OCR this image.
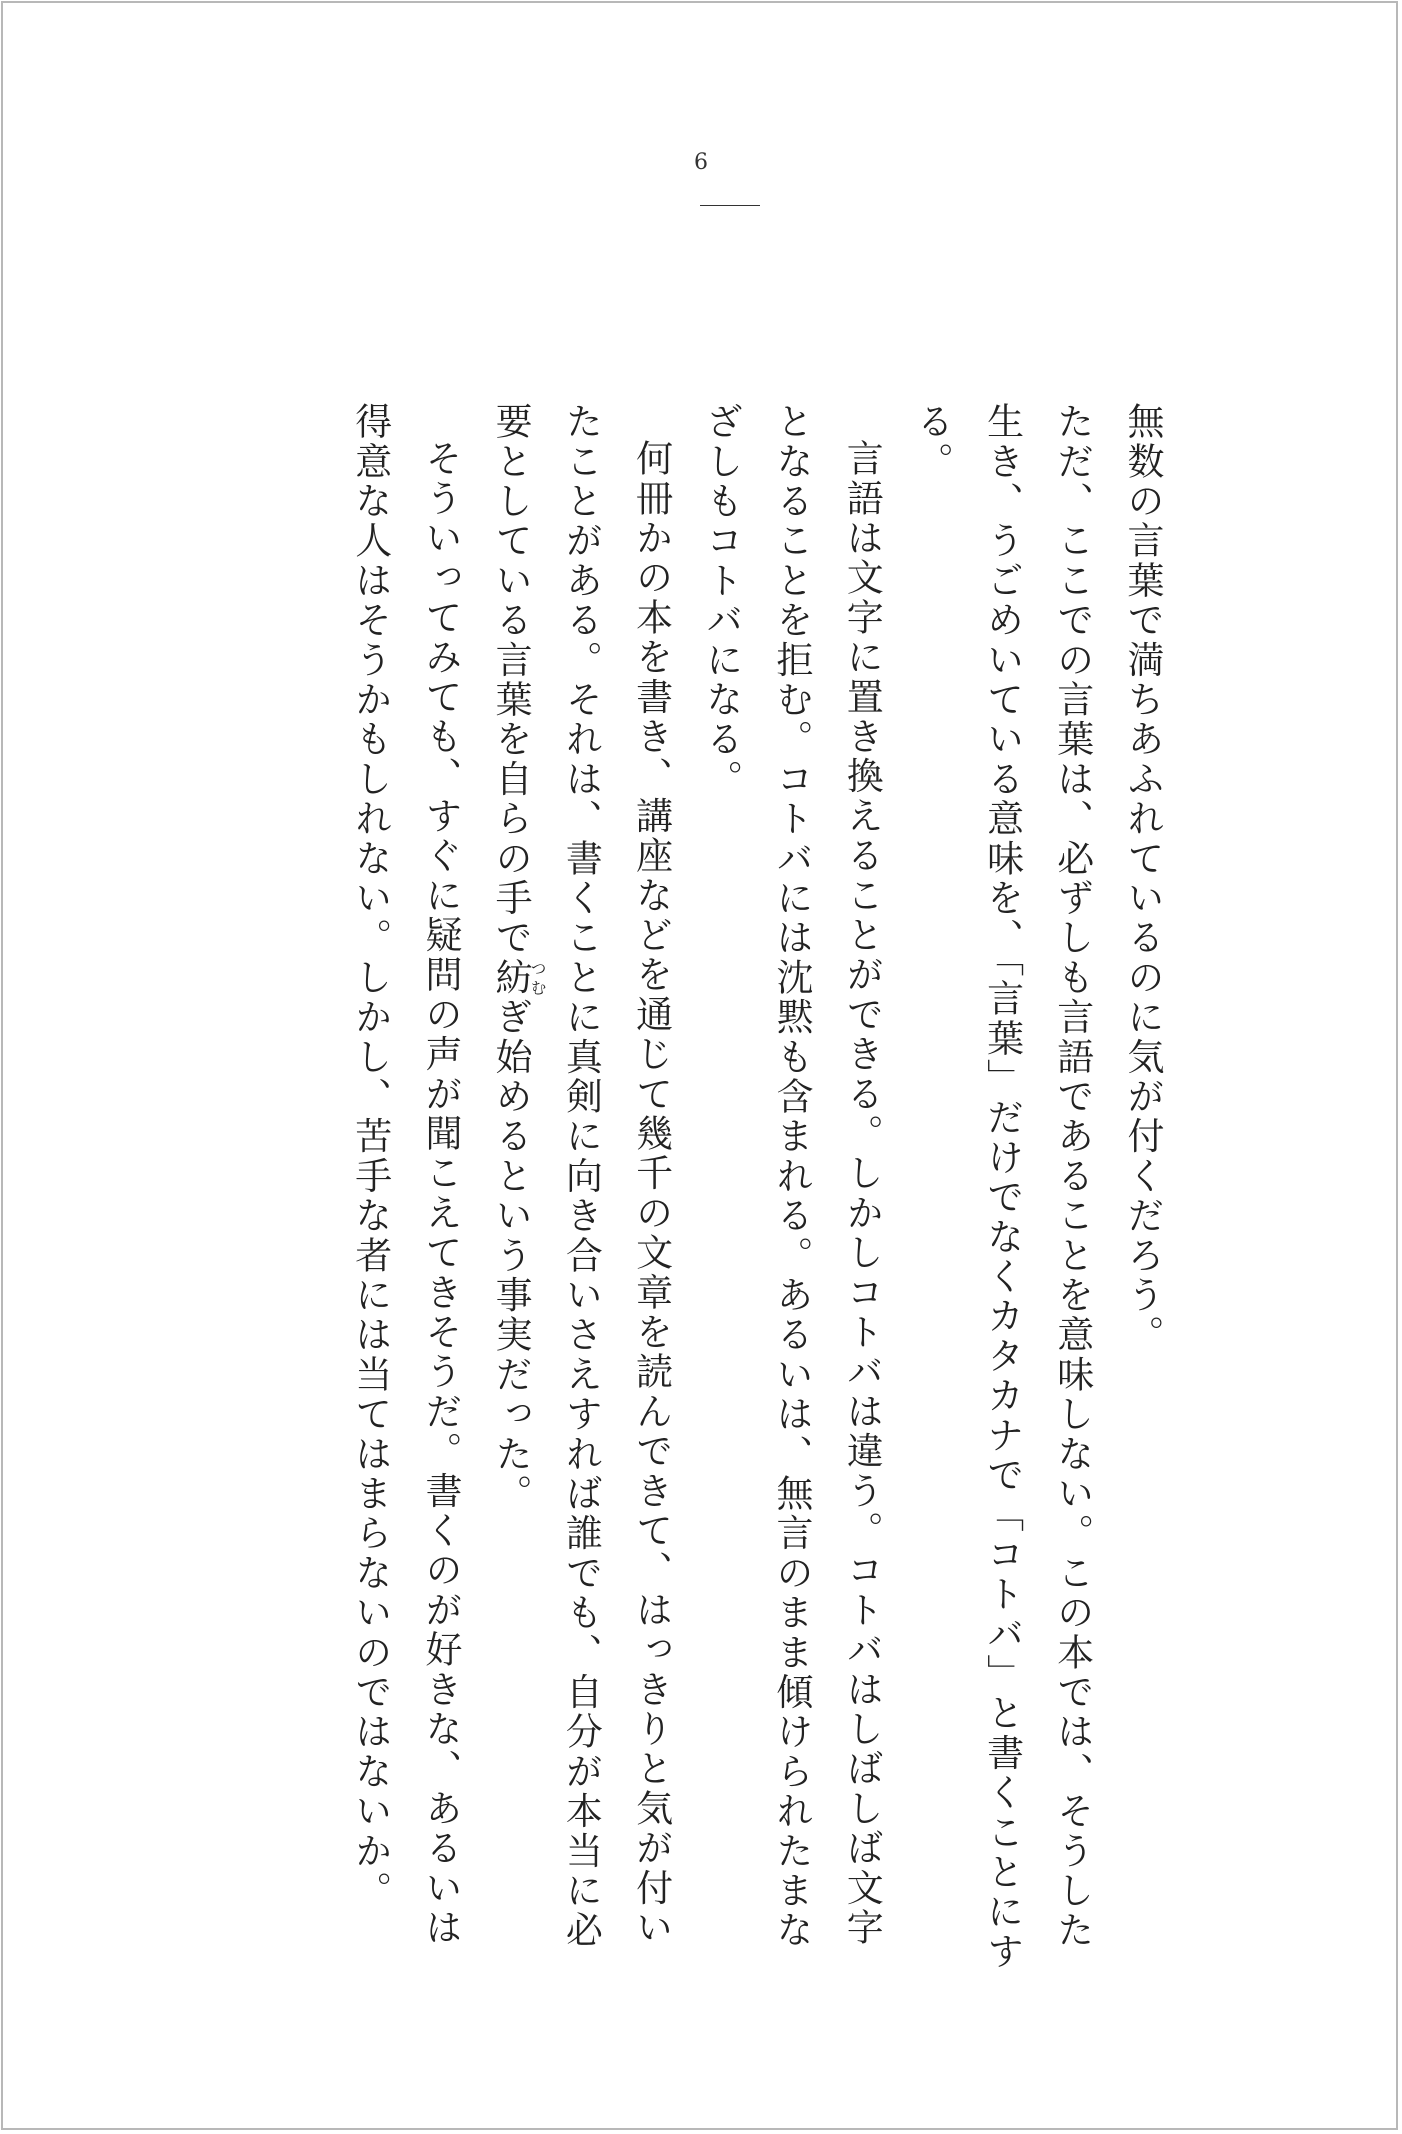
6

無数の言葉で満ちあふれているのに気が付くだろう。

ただ、ここでの言葉は、必ずしも言語であることを意味しない。この本では、そうした生き、うごめいている意味を、「言葉」だけでなくカタカナで「コトバ」と書くことにする。

言語は文字に置き換えることができる。しかしコトバは違う。コトバはしばしば文字となることを拒む。コトバには沈黙も含まれる。あるいは、無言のまま傾けられたまなざしもコトバになる。

何冊かの本を書き、講座などを通じて幾千の文章を読んできて、はっきりと気が付いたことがある。それは、書くことに真剣に向き合いさえすれば誰でも、自分が本当に必要としている言葉を自らの手で紡つむぎ始めるという事実だった。

そういってみても、すぐに疑問の声が聞こえてきそうだ。書くのが好きな、あるいは得意な人はそうかもしれない。しかし、苦手な者には当てはまらないのではないか。
